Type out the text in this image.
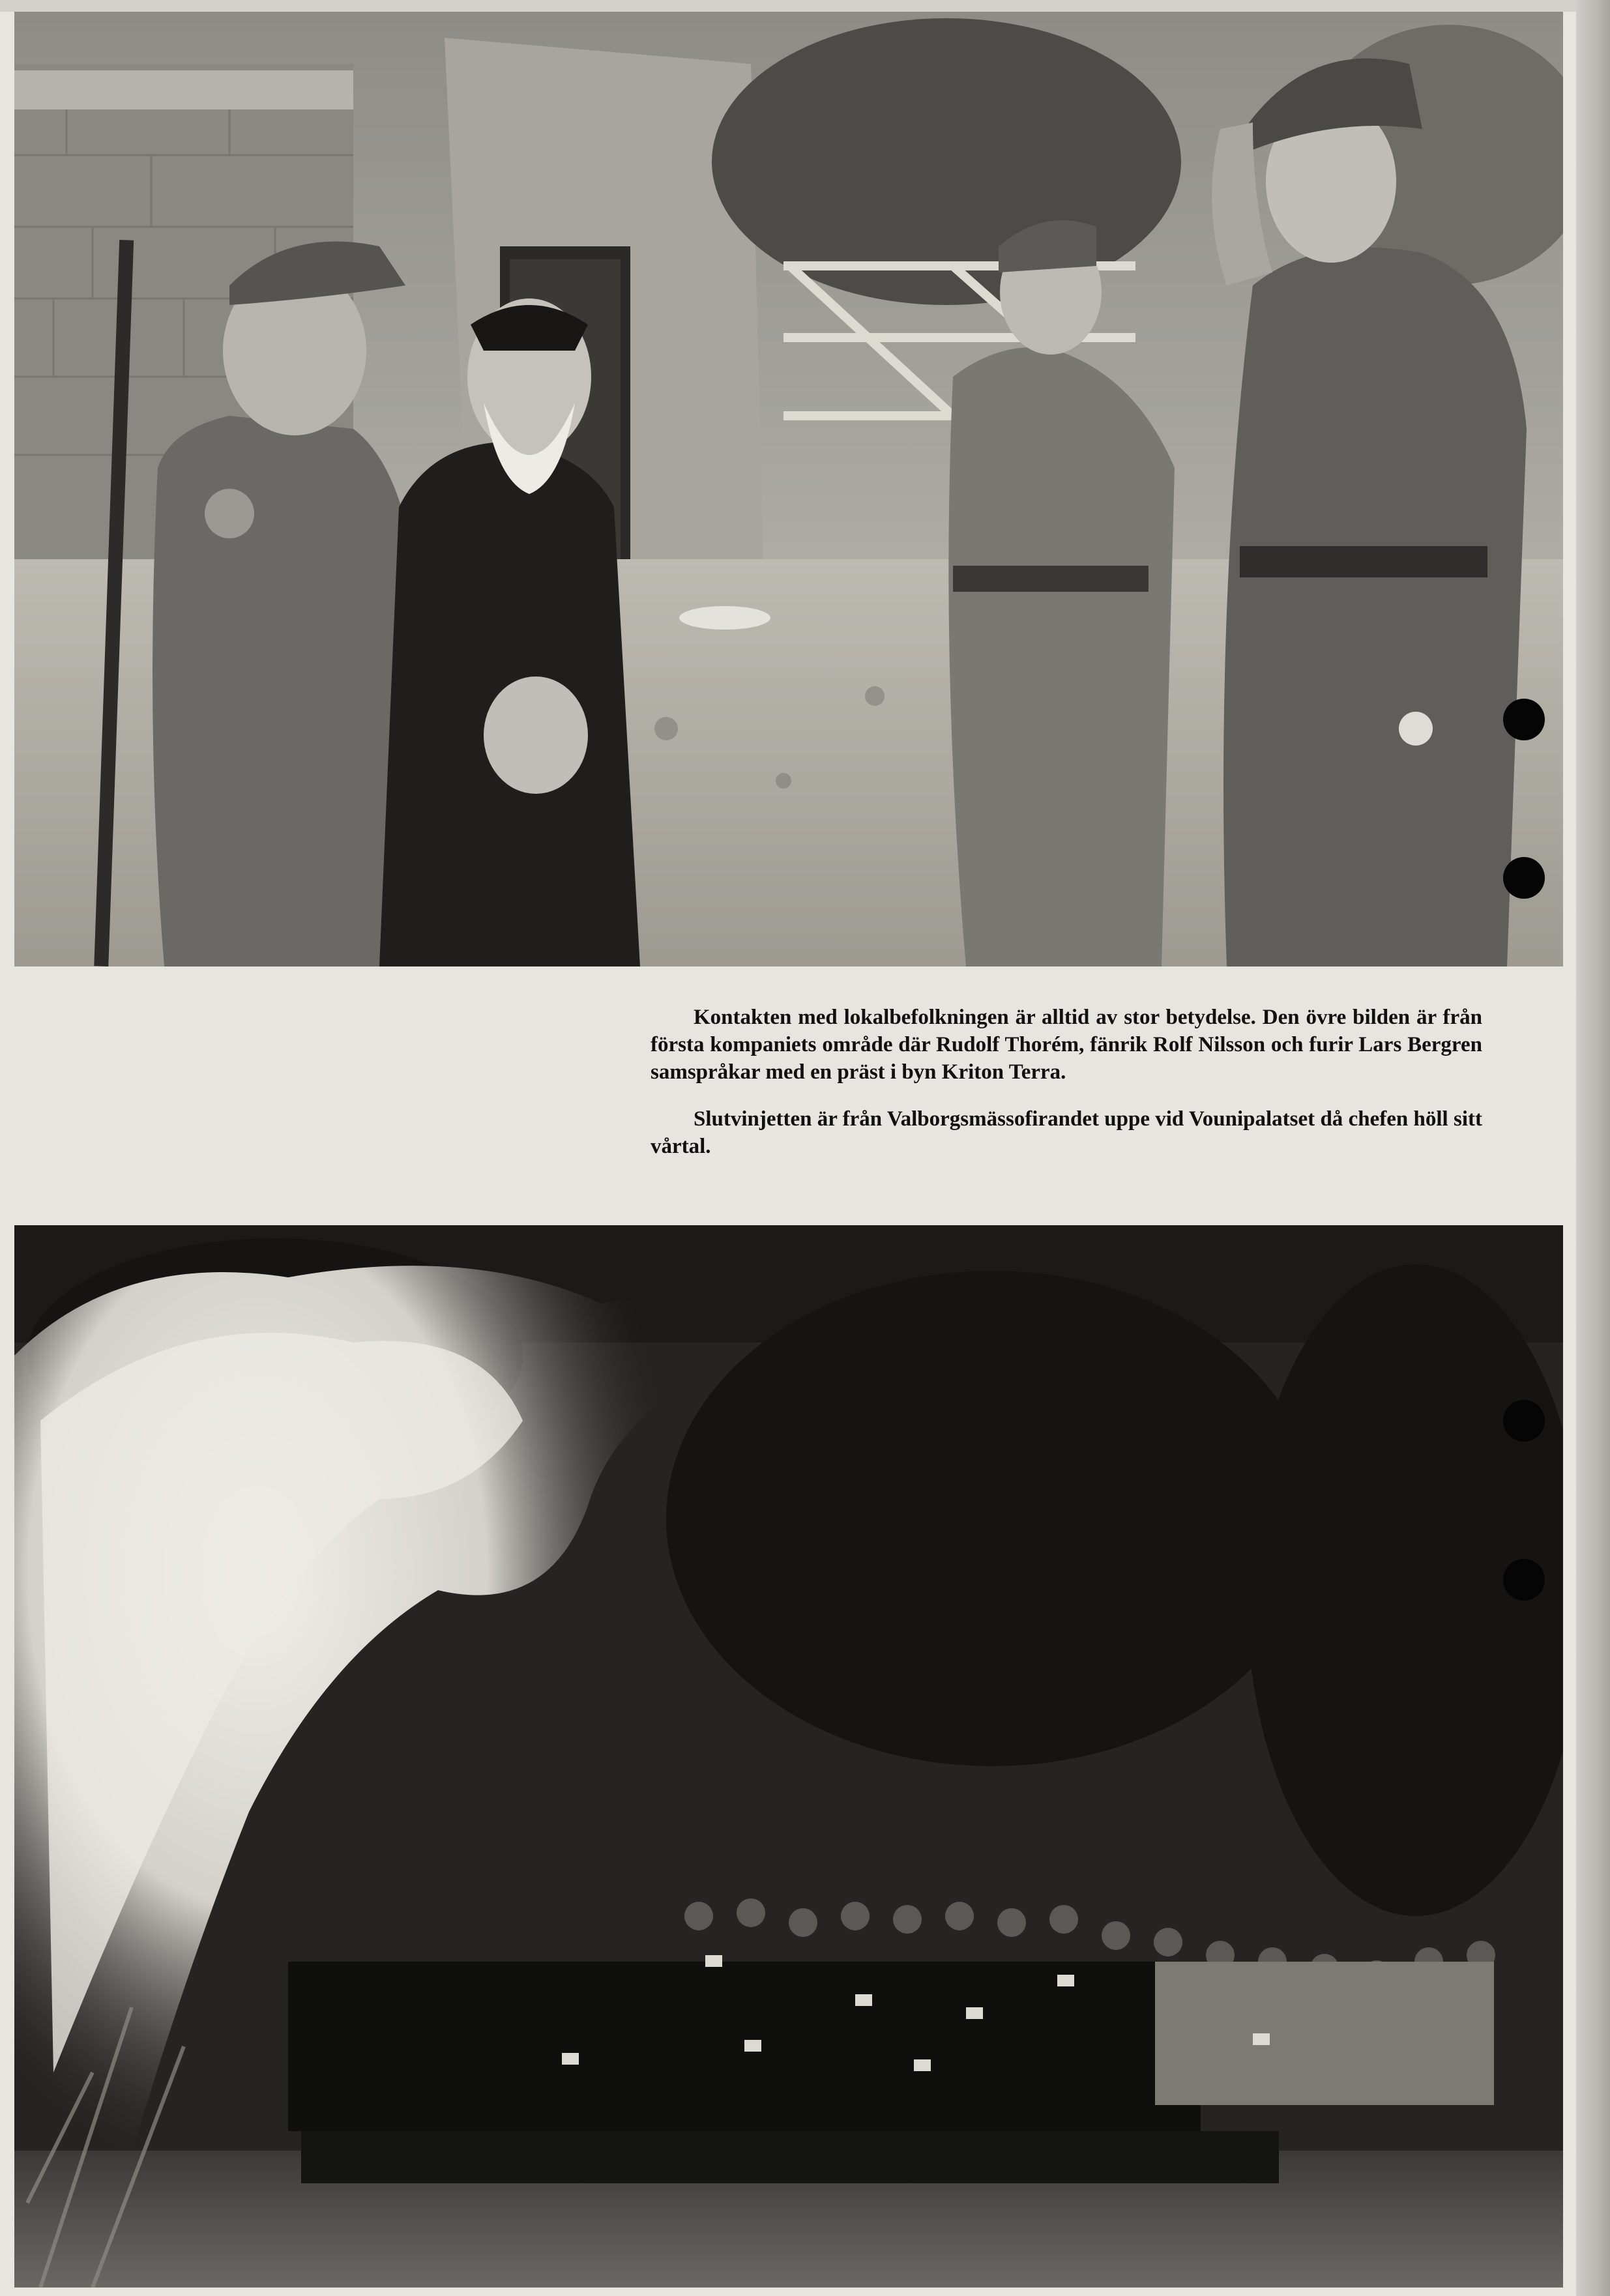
Kontakten med lokalbefolkningen är alltid av stor betydelse. Den övre bilden är från första kompaniets område där Rudolf Thorém, fänrik Rolf Nilsson och furir Lars Bergren samspråkar med en präst i byn Kriton Terra.

Slutvinjetten är från Valborgsmässofirandet uppe vid Vounipalatset då chefen höll sitt vårtal.
